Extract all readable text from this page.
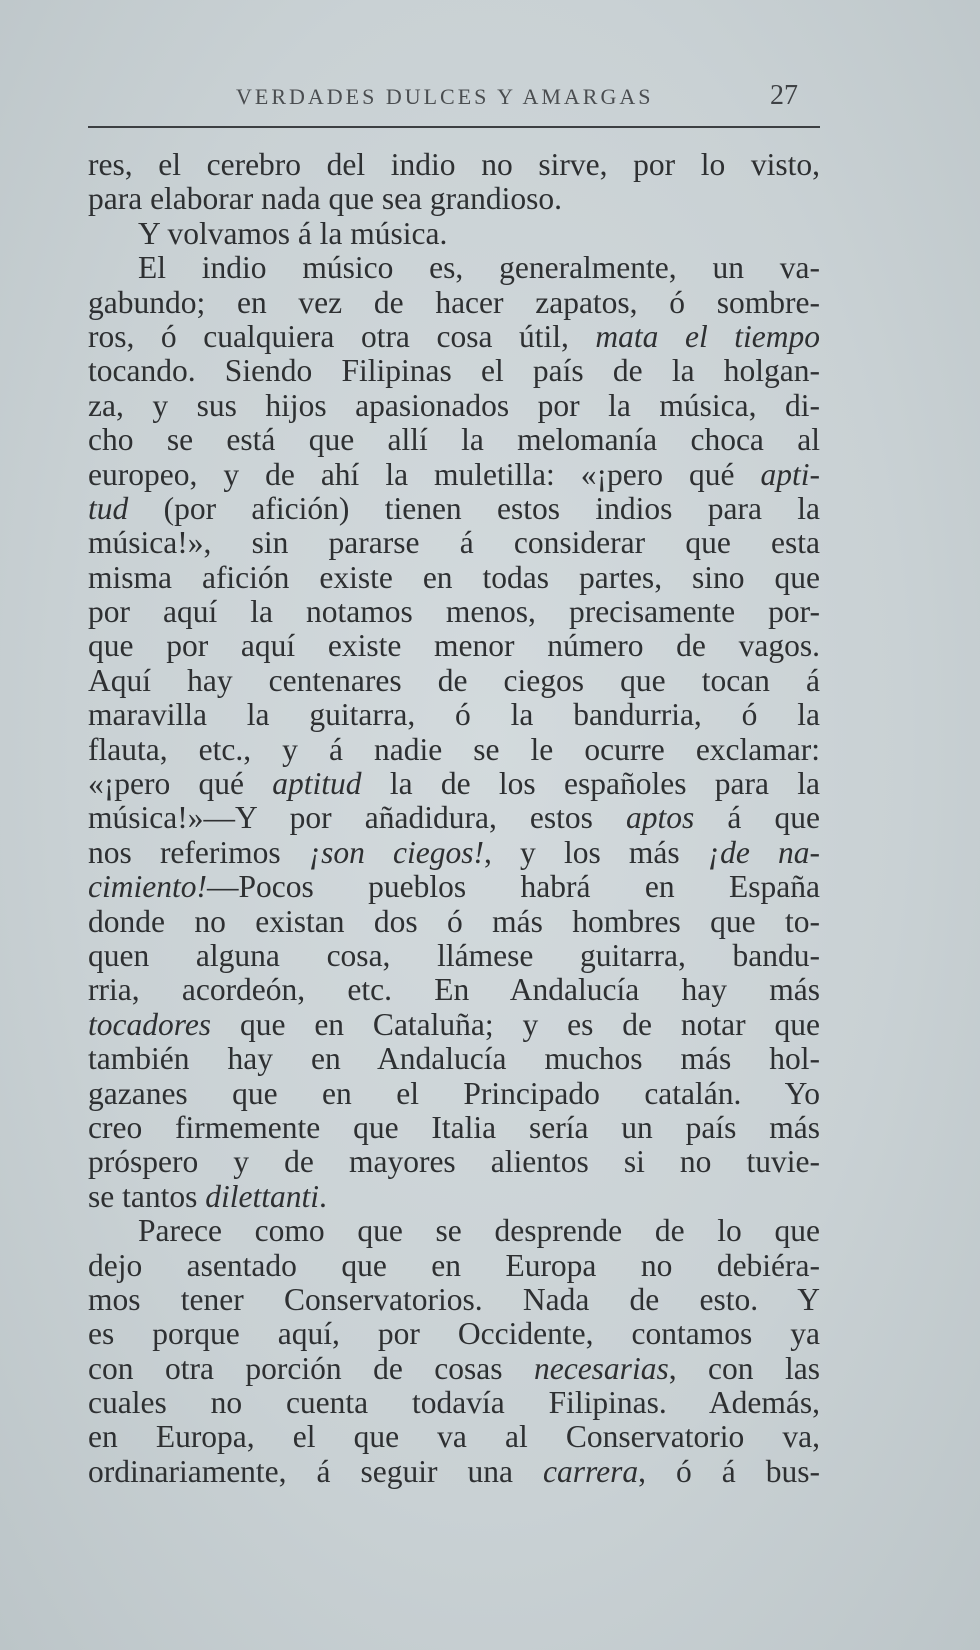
VERDADES DULCES Y AMARGAS	27
res, el cerebro del indio no sirve, por lo visto,
para elaborar nada que sea grandioso.
Y volvamos á la música.
El indio músico es, generalmente, un va-
gabundo; en vez de hacer zapatos, ó sombre-
ros, ó cualquiera otra cosa útil, mata el tiempo
tocando. Siendo Filipinas el país de la holgan-
za, y sus hijos apasionados por la música, di-
cho se está que allí la melomanía choca al
europeo, y de ahí la muletilla: «¡pero qué apti-
tud (por afición) tienen estos indios para la
música!», sin pararse á considerar que esta
misma afición existe en todas partes, sino que
por aquí la notamos menos, precisamente por-
que por aquí existe menor número de vagos.
Aquí hay centenares de ciegos que tocan á
maravilla la guitarra, ó la bandurria, ó la
flauta, etc., y á nadie se le ocurre exclamar:
«¡pero qué aptitud la de los españoles para la
música!»—Y por añadidura, estos aptos á que
nos referimos ¡son ciegos!, y los más ¡de na-
cimiento!—Pocos pueblos habrá en España
donde no existan dos ó más hombres que to-
quen alguna cosa, llámese guitarra, bandu-
rria, acordeón, etc. En Andalucía hay más
tocadores que en Cataluña; y es de notar que
también hay en Andalucía muchos más hol-
gazanes que en el Principado catalán. Yo
creo firmemente que Italia sería un país más
próspero y de mayores alientos si no tuvie-
se tantos dilettanti.
Parece como que se desprende de lo que
dejo asentado que en Europa no debiéra-
mos tener Conservatorios. Nada de esto. Y
es porque aquí, por Occidente, contamos ya
con otra porción de cosas necesarias, con las
cuales no cuenta todavía Filipinas. Además,
en Europa, el que va al Conservatorio va,
ordinariamente, á seguir una carrera, ó á bus-
